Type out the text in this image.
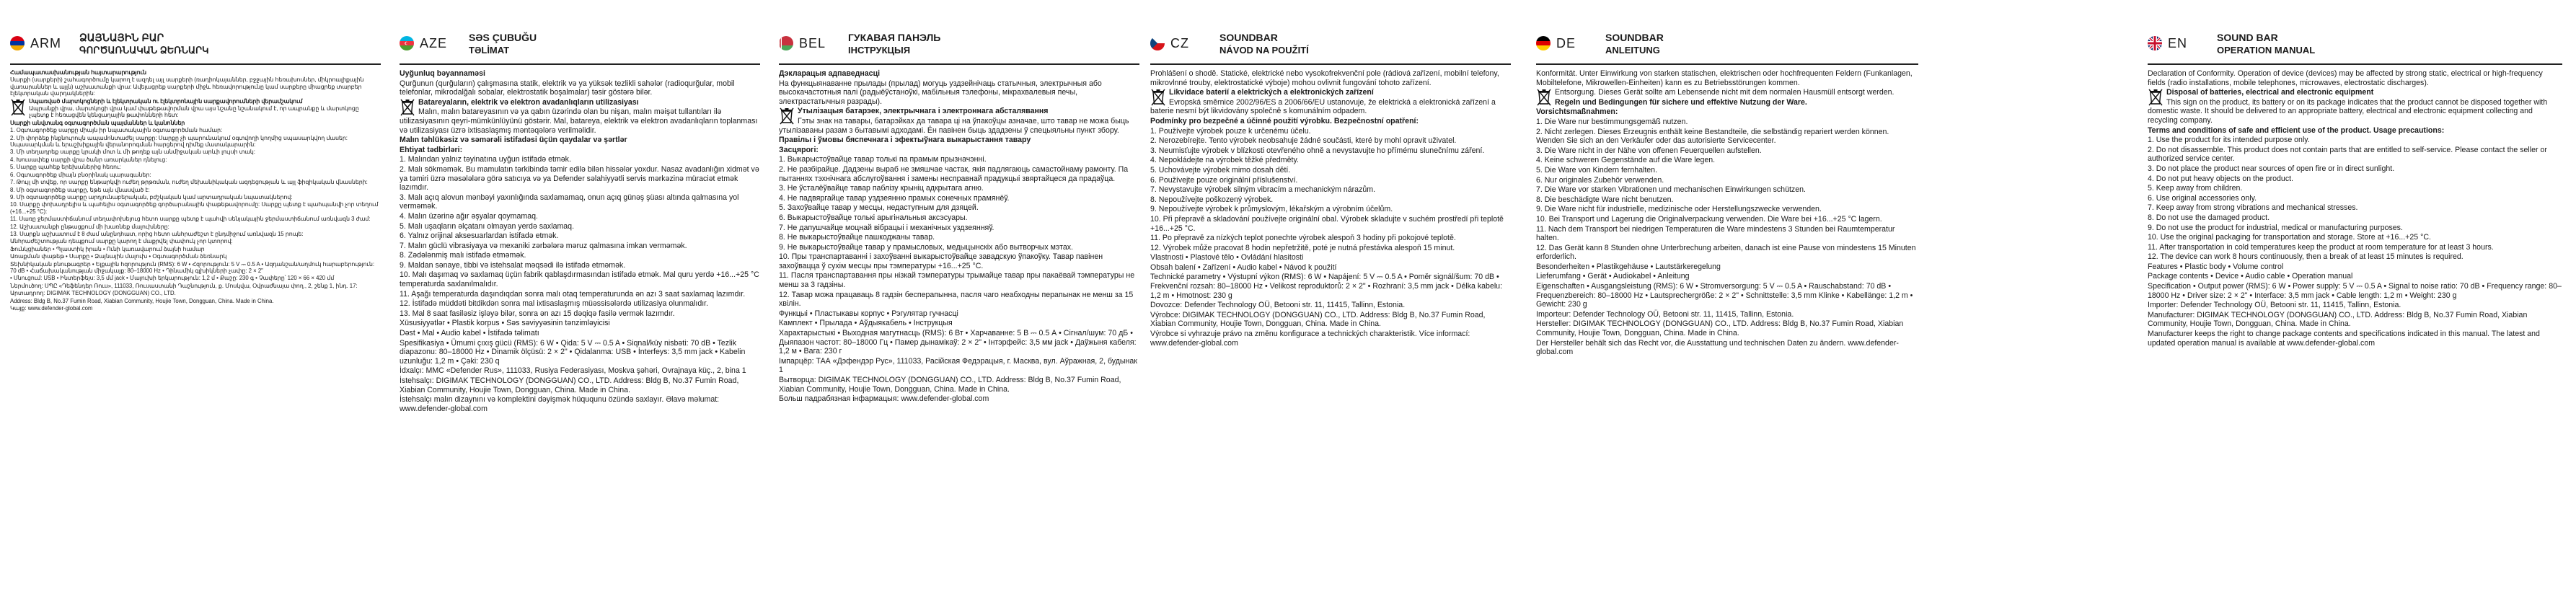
ARM ՁԱՅՆԱՅԻՆ ԲԱՐ
ԳՈՐԾԱՌՆԱԿԱՆ ՁԵՌՆԱՐԿ
Համապատասխանության հայտարարություն
Սարքի (սարքերի) շահագործումը կարող է ազդել այլ սարքերի (ռադիոկայաններ, բջջային հեռախոսներ, միկրոալիքային վառարաններ և այլն) աշխատանքի վրա: Ավելացրեք սարքերի միջև հեռավորությունը կամ սարքերը միացրեք տարբեր էլեկտրական վարդակներին:
Սպառված մարտկոցների և էլեկտրական ու էլեկտրոնային սարքավորումների վերամշակում
Ապրանքի վրա, մարտկոցի վրա կամ փաթեթավորման վրա այս նշանը նշանակում է, որ ապրանքը և մարտկոցը չպետք է հեռացվեն կենցաղային թափոնների հետ:
Սարքի անվտանգ օգտագործման պայմաններ և կանոններ
1. Օգտագործեք սարքը միայն իր նպատակային օգտագործման համար:
2. Մի փորձեք ինքնուրույն ապամոնտաժել սարքը: Սարքը չի պարունակում օգտվողի կողմից սպասարկվող մասեր: Սպասարկման և երաշխիքային վերանորոգման հարցերով դիմեք մատակարարին:
3. Մի տեղադրեք սարքը կրակի մոտ և մի թողեք այն անմիջական արևի լույսի տակ:
4. Խուսափեք սարքի վրա ծանր առարկաներ դնելուց:
5. Սարքը պահեք երեխաներից հեռու:
6. Օգտագործեք միայն բնօրինակ պարագաներ:
7. Թույլ մի տվեք, որ սարքը ենթարկվի ուժեղ թրթռման, ուժեղ մեխանիկական ազդեցության և այլ ֆիզիկական վնասների:
8. Մի օգտագործեք սարքը, եթե այն վնասված է:
9. Մի օգտագործեք սարքը արդյունաբերական, բժշկական կամ արտադրական նպատակներով:
10. Սարքը փոխադրելիս և պահելիս օգտագործեք գործարանային փաթեթավորումը: Սարքը պետք է պահպանվի չոր տեղում (+16...+25 °C):
11. Սառը ջերմաստիճանում տեղափոխելուց հետո սարքը պետք է պահվի սենյակային ջերմաստիճանում առնվազն 3 ժամ:
12. Աշխատանքի ընթացքում մի խառնեք մալուխները:
13. Սարքն աշխատում է 8 ժամ անընդհատ, որից հետո անհրաժեշտ է ընդմիջում առնվազն 15 րոպե:
Անհրաժեշտության դեպքում սարքը կարող է մաքրվել փափուկ չոր կտորով:
Ֆունկցիաներ • Պլաստիկ իրան • Ունի կառավարում ձայնի համար
Առաքման փաթեթ • Սարքը • Ձայնային մալուխ • Օգտագործման ձեռնարկ
Տեխնիկական բնութագրեր • Ելքային հզորություն (RMS): 6 W • Հզորություն: 5 V ⎓ 0.5 A • Ազդանշան/աղմուկ հարաբերություն: 70 dB • Հաճախականության միջակայք: 80–18000 Hz • Դինամիկ գլխիկների չափը: 2 × 2"
• Սնուցում: USB • Ինտերֆեյս: 3,5 մմ jack • Մալուխի երկարություն: 1,2 մ • Քաշը: 230 գ • Չափերը՝ 120 × 66 × 420 մմ
Ներմուծող: ՍՊԸ «Դեֆենդեր Ռուս», 111033, Ռուսաստանի Դաշնություն, ք. Մոսկվա, Օվրաժնայա փող., 2, շենք 1, ինդ. 17:
Արտադրող: DIGIMAK TECHNOLOGY (DONGGUAN) CO., LTD.
Address: Bldg B, No.37 Fumin Road, Xiabian Community, Houjie Town, Dongguan, China. Made in China.
Կայք: www.defender-global.com
AZE SƏS ÇUBUĞU
TƏLİMAT
Uyğunluq bəyannaməsi
Qurğunun (qurğuların) çalışmasına statik, elektrik və ya yüksək tezlikli sahələr (radioqurğular, mobil telefonlar, mikrodalğalı sobalar, elektrostatik boşalmalar) təsir göstərə bilər.
Batareyaların, elektrik və elektron avadanlıqların utilizasiyası
Malın, malın batareyasının və ya qabın üzərində olan bu nişan, malın məişət tullantıları ilə utilizasiyasının qeyri-mümkünlüyünü göstərir. Mal, batareya, elektrik və elektron avadanlıqların toplanması və utilizasiyası üzrə ixtisaslaşmış məntəqələrə verilməlidir.
Malın təhlükəsiz və səmərəli istifadəsi üçün qaydalar və şərtlər
Ehtiyat tədbirləri:
1. Malından yalnız təyinatına uyğun istifadə etmək.
2. Malı sökməmək. Bu mamulatın tərkibində təmir edilə bilən hissələr yoxdur. Nasaz avadanlığın xidmət və ya təmiri üzrə məsələlərə görə satıcıya və ya Defender səlahiyyətli servis mərkəzinə müraciət etmək lazımdır.
3. Malı açıq alovun mənbəyi yaxınlığında saxlamamaq, onun açıq günəş şüası altında qalmasına yol verməmək.
4. Malın üzərinə ağır əşyalar qoymamaq.
5. Malı uşaqların əlçatanı olmayan yerdə saxlamaq.
6. Yalnız orijinal aksesuarlardan istifadə etmək.
7. Malın güclü vibrasiyaya və mexaniki zərbələrə məruz qalmasına imkan verməmək.
8. Zədələnmiş malı istifadə etməmək.
9. Maldan sənaye, tibbi və istehsalat məqsədi ilə istifadə etməmək.
10. Malı daşımaq və saxlamaq üçün fabrik qablaşdırmasından istifadə etmək. Mal quru yerdə +16...+25 °C temperaturda saxlanılmalıdır.
11. Aşağı temperaturda daşındıqdan sonra malı otaq temperaturunda ən azı 3 saat saxlamaq lazımdır.
12. İstifadə müddəti bitdikdən sonra mal ixtisaslaşmış müəssisələrdə utilizasiya olunmalıdır.
13. Mal 8 saat fasiləsiz işləyə bilər, sonra ən azı 15 dəqiqə fasilə vermək lazımdır.
Xüsusiyyətlər • Plastik korpus • Səs səviyyəsinin tənzimləyicisi
Dəst • Mal • Audio kabel • İstifadə təlimatı
Spesifikasiya • Ümumi çıxış gücü (RMS): 6 W • Qida: 5 V ⎓ 0.5 A • Siqnal/küy nisbəti: 70 dB • Tezlik diapazonu: 80–18000 Hz • Dinamik ölçüsü: 2 × 2" • Qidalanma: USB • İnterfeys: 3,5 mm jack • Kabelin uzunluğu: 1,2 m • Çəki: 230 q
İdxalçı: MMC «Defender Rus», 111033, Rusiya Federasiyası, Moskva şəhəri, Ovrajnaya küç., 2, bina 1
İstehsalçı: DIGIMAK TECHNOLOGY (DONGGUAN) CO., LTD. Address: Bldg B, No.37 Fumin Road, Xiabian Community, Houjie Town, Dongguan, China. Made in China.
İstehsalçı malın dizaynını və komplektini dəyişmək hüququnu özündə saxlayır. Əlavə məlumat: www.defender-global.com
BEL ГУКАВАЯ ПАНЭЛЬ
ІНСТРУКЦЫЯ
Дэкларацыя адпаведнасці
На функцыянаванне прылады (прылад) могуць уздзейнічаць статычныя, электрычныя або высокачастотныя палі (радыёўстаноўкі, мабільныя тэлефоны, мікрахвалевыя печы, электрастатычныя разрады).
Утылізацыя батарэек, электрычнага і электроннага абсталявання
Гэты знак на тавары, батарэйках да тавара ці на ўпакоўцы азначае, што тавар не можа быць утылізаваны разам з бытавымі адходамі. Ён павінен быць здадзены ў спецыяльны пункт збору.
Правілы і ўмовы бяспечнага і эфектыўнага выкарыстання тавару
Засцярогі:
1. Выкарыстоўвайце тавар толькі па прамым прызначэнні.
2. Не разбірайце. Дадзены выраб не змяшчае частак, якія падлягаюць самастойнаму рамонту. Па пытаннях тэхнічнага абслугоўвання і замены несправнай прадукцыі звяртайцеся да прадаўца.
3. Не ўсталёўвайце тавар паблізу крыніц адкрытага агню.
4. Не падвяргайце тавар уздзеянню прамых сонечных прамянёў.
5. Захоўвайце тавар у месцы, недаступным для дзяцей.
6. Выкарыстоўвайце толькі арыгінальныя аксэсуары.
7. Не дапушчайце моцнай вібрацыі і механічных уздзеянняў.
8. Не выкарыстоўвайце пашкоджаны тавар.
9. Не выкарыстоўвайце тавар у прамысловых, медыцынскіх або вытворчых мэтах.
10. Пры транспартаванні і захоўванні выкарыстоўвайце завадскую ўпакоўку. Тавар павінен захоўвацца ў сухім месцы пры тэмпературы +16...+25 °C.
11. Пасля транспартавання пры нізкай тэмпературы трымайце тавар пры пакаёвай тэмпературы не менш за 3 гадзіны.
12. Тавар можа працаваць 8 гадзін бесперапынна, пасля чаго неабходны перапынак не менш за 15 хвілін.
Функцыі • Пластыкавы корпус • Рэгулятар гучнасці
Камплект • Прылада • Аўдыякабель • Інструкцыя
Характарыстыкі • Выходная магутнасць (RMS): 6 Вт • Харчаванне: 5 В ⎓ 0.5 А • Сігнал/шум: 70 дБ • Дыяпазон частот: 80–18000 Гц • Памер дынамікаў: 2 × 2" • Інтэрфейс: 3,5 мм jack • Даўжыня кабеля: 1,2 м • Вага: 230 г
Імпарцёр: ТАА «Дэфендэр Рус», 111033, Расійская Федэрацыя, г. Масква, вул. Аўражная, 2, будынак 1
Вытворца: DIGIMAK TECHNOLOGY (DONGGUAN) CO., LTD. Address: Bldg B, No.37 Fumin Road, Xiabian Community, Houjie Town, Dongguan, China. Made in China.
Больш падрабязная інфармацыя: www.defender-global.com
CZ	SOUNDBAR
NÁVOD NA POUŽITÍ
Prohlášení o shodě. Statické, elektrické nebo vysokofrekvenční pole (rádiová zařízení, mobilní telefony, mikrovlnné trouby, elektrostatické výboje) mohou ovlivnit fungování tohoto zařízení.
Likvidace baterií a elektrických a elektronických zařízení
Evropská směrnice 2002/96/ES a 2006/66/EU ustanovuje, že elektrická a elektronická zařízení a baterie nesmí být likvidovány společně s komunálním odpadem.
Podmínky pro bezpečné a účinné použití výrobku. Bezpečnostní opatření:
1. Používejte výrobek pouze k určenému účelu.
2. Nerozebírejte. Tento výrobek neobsahuje žádné součásti, které by mohl opravit uživatel.
3. Neumisťujte výrobek v blízkosti otevřeného ohně a nevystavujte ho přímému slunečnímu záření.
4. Nepokládejte na výrobek těžké předměty.
5. Uchovávejte výrobek mimo dosah dětí.
6. Používejte pouze originální příslušenství.
7. Nevystavujte výrobek silným vibracím a mechanickým nárazům.
8. Nepoužívejte poškozený výrobek.
9. Nepoužívejte výrobek k průmyslovým, lékařským a výrobním účelům.
10. Při přepravě a skladování používejte originální obal. Výrobek skladujte v suchém prostředí při teplotě +16...+25 °C.
11. Po přepravě za nízkých teplot ponechte výrobek alespoň 3 hodiny při pokojové teplotě.
12. Výrobek může pracovat 8 hodin nepřetržitě, poté je nutná přestávka alespoň 15 minut.
Vlastnosti • Plastové tělo • Ovládání hlasitosti
Obsah balení • Zařízení • Audio kabel • Návod k použití
Technické parametry • Výstupní výkon (RMS): 6 W • Napájení: 5 V ⎓ 0.5 A • Poměr signál/šum: 70 dB • Frekvenční rozsah: 80–18000 Hz • Velikost reproduktorů: 2 × 2" • Rozhraní: 3,5 mm jack • Délka kabelu: 1,2 m • Hmotnost: 230 g
Dovozce: Defender Technology OÜ, Betooni str. 11, 11415, Tallinn, Estonia.
Výrobce: DIGIMAK TECHNOLOGY (DONGGUAN) CO., LTD. Address: Bldg B, No.37 Fumin Road, Xiabian Community, Houjie Town, Dongguan, China. Made in China.
Výrobce si vyhrazuje právo na změnu konfigurace a technických charakteristik. Více informací: www.defender-global.com
DE	SOUNDBAR
ANLEITUNG
Konformität. Unter Einwirkung von starken statischen, elektrischen oder hochfrequenten Feldern (Funkanlagen, Mobiltelefone, Mikrowellen-Einheiten) kann es zu Betriebsstörungen kommen.
Entsorgung. Dieses Gerät sollte am Lebensende nicht mit dem normalen Hausmüll entsorgt werden.
Regeln und Bedingungen für sichere und effektive Nutzung der Ware.
Vorsichtsmaßnahmen:
1. Die Ware nur bestimmungsgemäß nutzen.
2. Nicht zerlegen. Dieses Erzeugnis enthält keine Bestandteile, die selbständig repariert werden können. Wenden Sie sich an den Verkäufer oder das autorisierte Servicecenter.
3. Die Ware nicht in der Nähe von offenen Feuerquellen aufstellen.
4. Keine schweren Gegenstände auf die Ware legen.
5. Die Ware von Kindern fernhalten.
6. Nur originales Zubehör verwenden.
7. Die Ware vor starken Vibrationen und mechanischen Einwirkungen schützen.
8. Die beschädigte Ware nicht benutzen.
9. Die Ware nicht für industrielle, medizinische oder Herstellungszwecke verwenden.
10. Bei Transport und Lagerung die Originalverpackung verwenden. Die Ware bei +16...+25 °C lagern.
11. Nach dem Transport bei niedrigen Temperaturen die Ware mindestens 3 Stunden bei Raumtemperatur halten.
12. Das Gerät kann 8 Stunden ohne Unterbrechung arbeiten, danach ist eine Pause von mindestens 15 Minuten erforderlich.
Besonderheiten • Plastikgehäuse • Lautstärkeregelung
Lieferumfang • Gerät • Audiokabel • Anleitung
Eigenschaften • Ausgangsleistung (RMS): 6 W • Stromversorgung: 5 V ⎓ 0.5 A • Rauschabstand: 70 dB • Frequenzbereich: 80–18000 Hz • Lautsprechergröße: 2 × 2" • Schnittstelle: 3,5 mm Klinke • Kabellänge: 1,2 m • Gewicht: 230 g
Importeur: Defender Technology OÜ, Betooni str. 11, 11415, Tallinn, Estonia.
Hersteller: DIGIMAK TECHNOLOGY (DONGGUAN) CO., LTD. Address: Bldg B, No.37 Fumin Road, Xiabian Community, Houjie Town, Dongguan, China. Made in China.
Der Hersteller behält sich das Recht vor, die Ausstattung und technischen Daten zu ändern. www.defender-global.com
EN	SOUND BAR
OPERATION MANUAL
Declaration of Conformity. Operation of device (devices) may be affected by strong static, electrical or high-frequency fields (radio installations, mobile telephones, microwaves, electrostatic discharges).
Disposal of batteries, electrical and electronic equipment
This sign on the product, its battery or on its package indicates that the product cannot be disposed together with domestic waste. It should be delivered to an appropriate battery, electrical and electronic equipment collecting and recycling company.
Terms and conditions of safe and efficient use of the product. Usage precautions:
1. Use the product for its intended purpose only.
2. Do not disassemble. This product does not contain parts that are entitled to self-service. Please contact the seller or authorized service center.
3. Do not place the product near sources of open fire or in direct sunlight.
4. Do not put heavy objects on the product.
5. Keep away from children.
6. Use original accessories only.
7. Keep away from strong vibrations and mechanical stresses.
8. Do not use the damaged product.
9. Do not use the product for industrial, medical or manufacturing purposes.
10. Use the original packaging for transportation and storage. Store at +16...+25 °C.
11. After transportation in cold temperatures keep the product at room temperature for at least 3 hours.
12. The device can work 8 hours continuously, then a break of at least 15 minutes is required.
Features • Plastic body • Volume control
Package contents • Device • Audio cable • Operation manual
Specification • Output power (RMS): 6 W • Power supply: 5 V ⎓ 0.5 A • Signal to noise ratio: 70 dB • Frequency range: 80–18000 Hz • Driver size: 2 × 2" • Interface: 3,5 mm jack • Cable length: 1,2 m • Weight: 230 g
Importer: Defender Technology OÜ, Betooni str. 11, 11415, Tallinn, Estonia.
Manufacturer: DIGIMAK TECHNOLOGY (DONGGUAN) CO., LTD. Address: Bldg B, No.37 Fumin Road, Xiabian Community, Houjie Town, Dongguan, China. Made in China.
Manufacturer keeps the right to change package contents and specifications indicated in this manual. The latest and updated operation manual is available at www.defender-global.com
